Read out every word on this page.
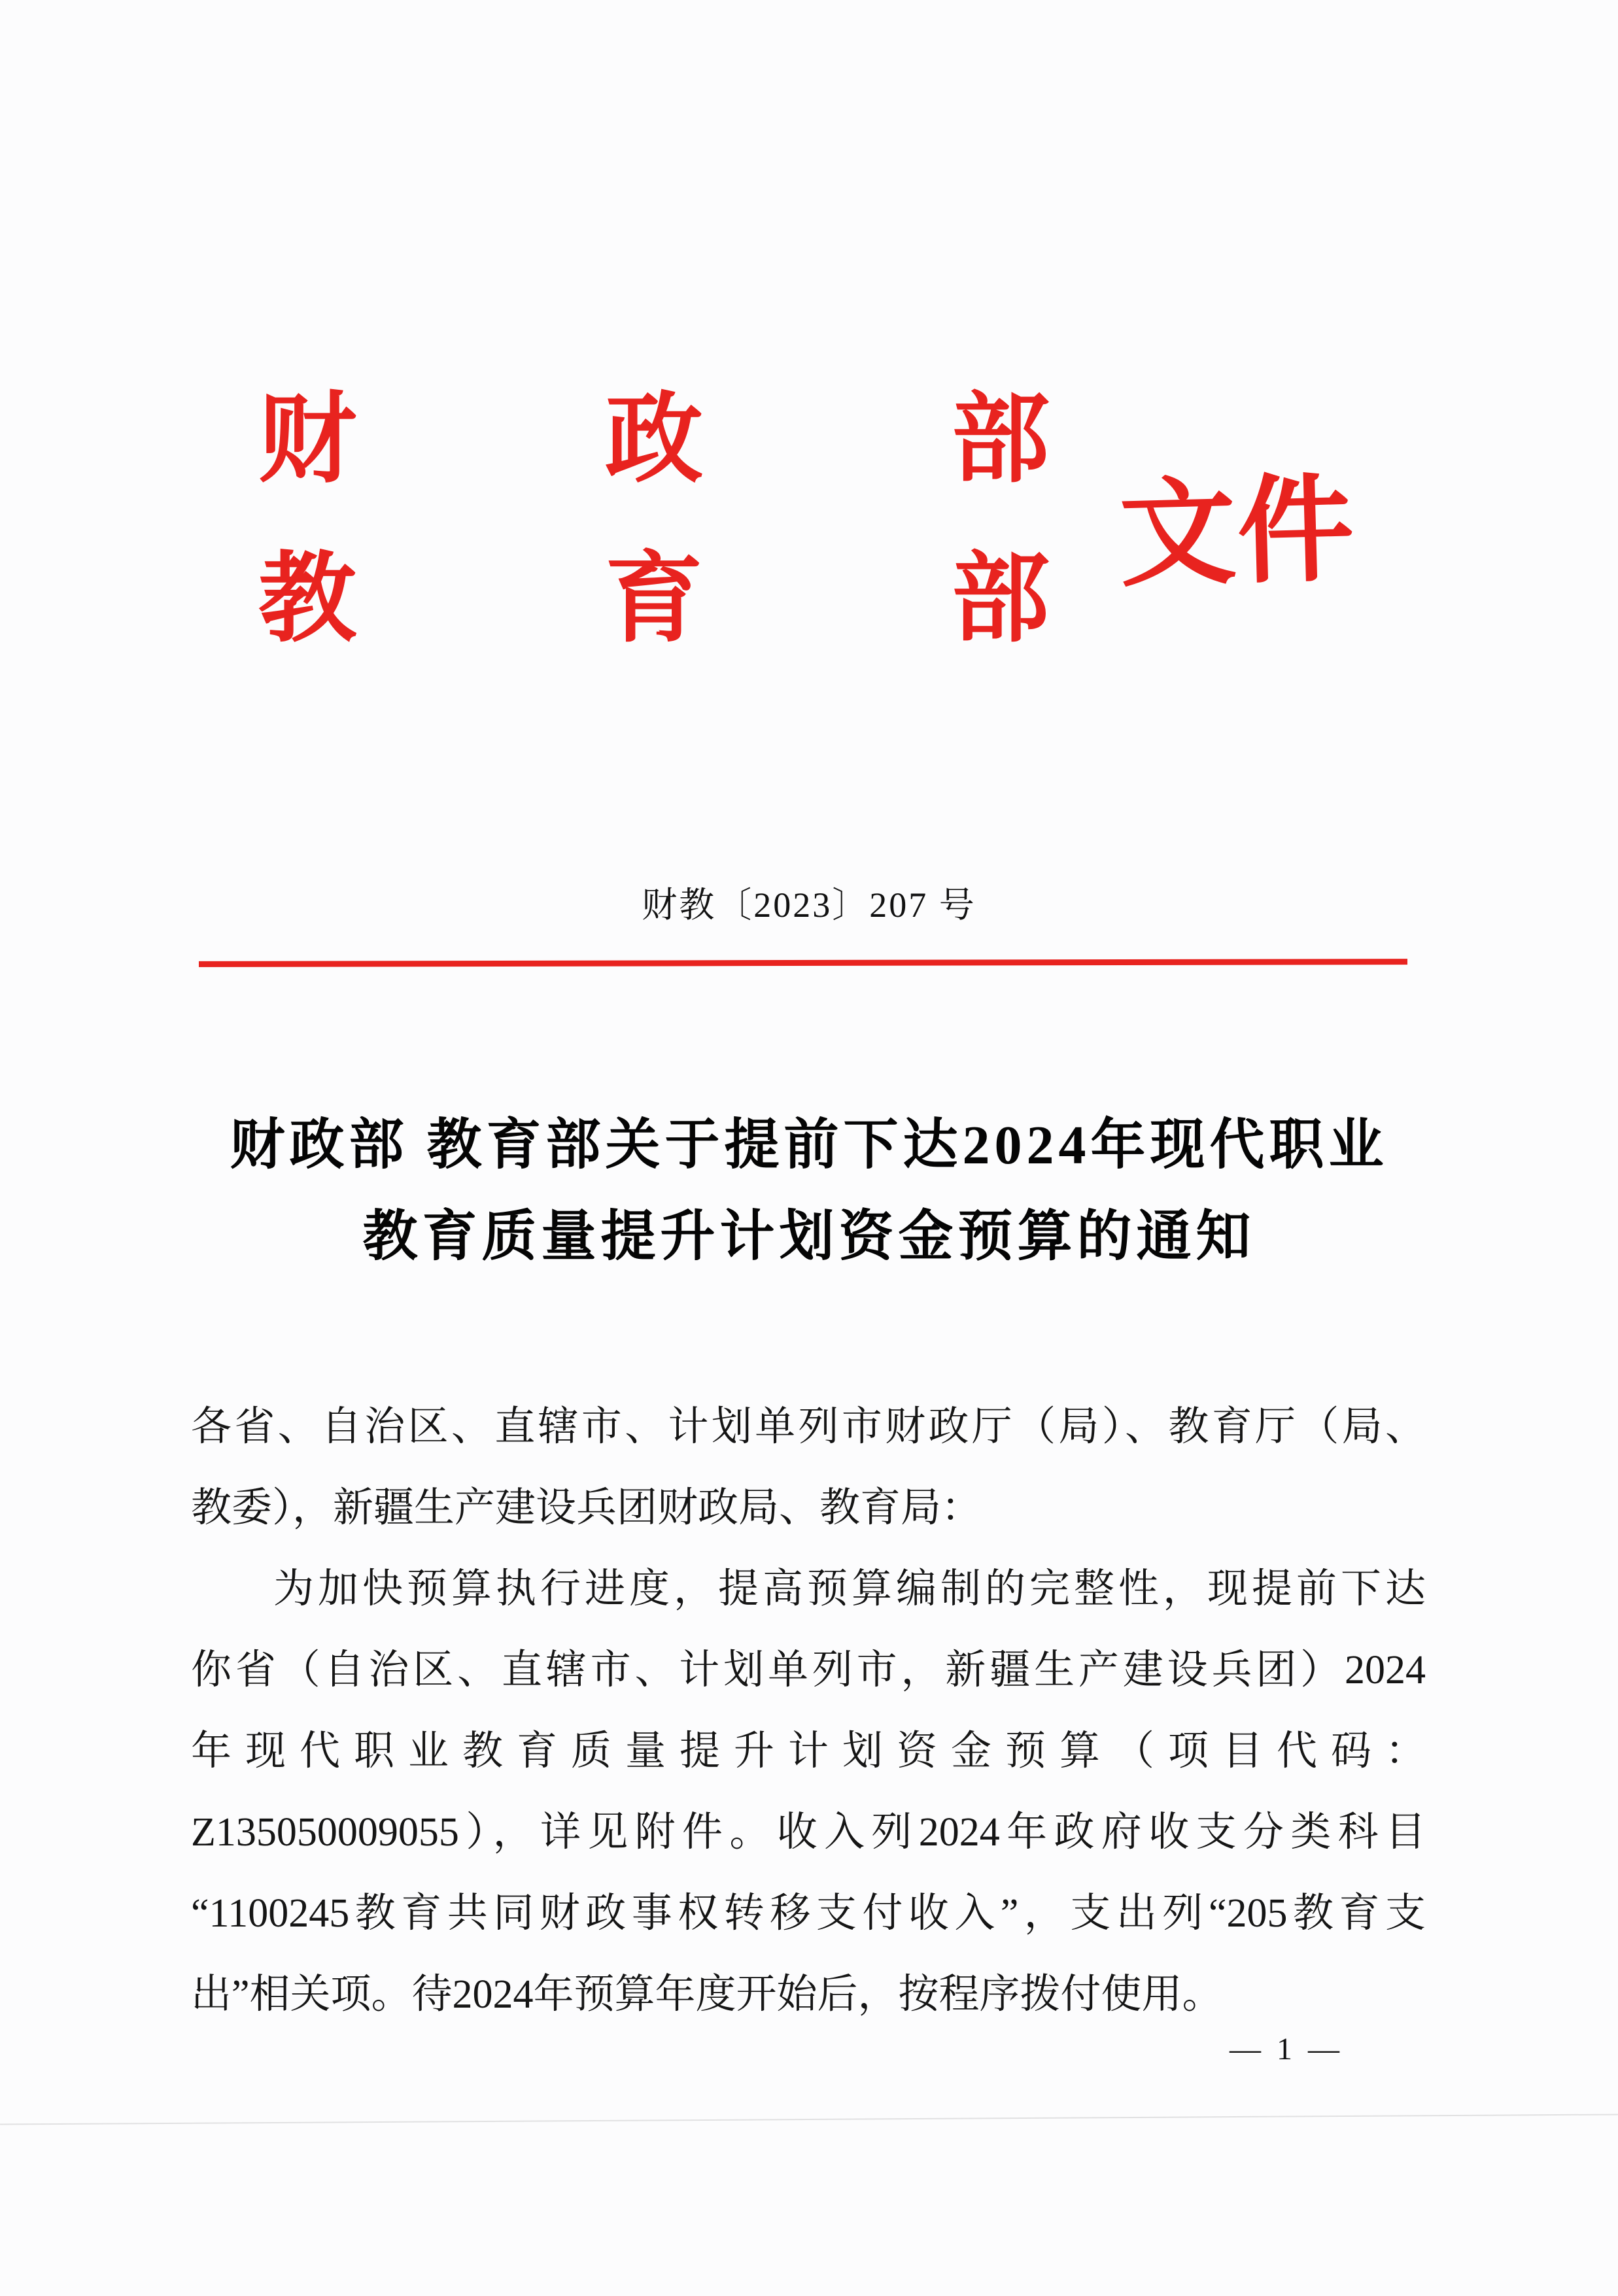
财	政	部
教	育	部 文件
财教〔2023〕207 号
财政部 教育部关于提前下达2024年现代职业
教育质量提升计划资金预算的通知
各省、自治区、直辖市、计划单列市财政厅（局）、教育厅（局、
教委），新疆生产建设兵团财政局、教育局：
为加快预算执行进度，提高预算编制的完整性，现提前下达
你省（自治区、直辖市、计划单列市，新疆生产建设兵团）2024
年现代职业教育质量提升计划资金预算（项目代码：
Z135050009055），详见附件。收入列2024年政府收支分类科目
“1100245教育共同财政事权转移支付收入”，支出列“205教育支
出”相关项。待2024年预算年度开始后，按程序拨付使用。
— 1 —
